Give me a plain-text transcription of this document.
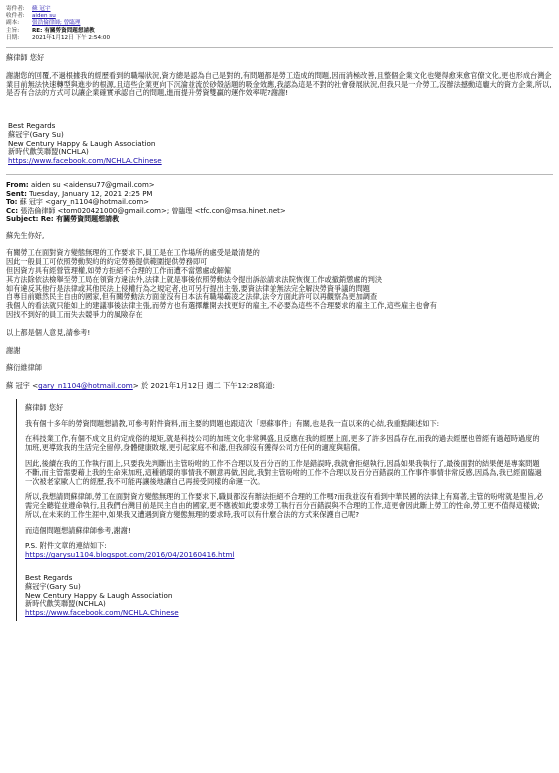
寄件者:	蘇 冠宇
收件者:	aiden su
副本:	張浩倫律師; 曾臨理
主旨:	RE: 有關勞資問題想請教
日期:	2021年1月12日 下午 2:54:00

蘇律師 您好

謝謝您的回覆,不過根據我的經歷看到的職場狀況,資方總是認為自己是對的,有問題都是勞工造成的問題,因而消極改善,且整個企業文化也變得愈來愈官僚文化,更也形成台灣企業目前無法快速轉型與進步的根源,且這些企業更向下沉淪並流於砂殼話題的吸金效應,我認為這是不對的社會發展狀況,但我只是一介勞工,沒辦法撼動這龐大的資方企業,所以,是否有合法的方式可以讓企業確實承認自己的問題,進而提升勞資雙贏的運作效率呢?謝謝!

Best Regards

蘇冠宇(Gary Su)

New Century Happy & Laugh Association

新時代歡笑聯盟(NCHLA)

https://www.facebook.com/NCHLA.Chinese

From: aiden su <aidensu77@gmail.com>

Sent: Tuesday, January 12, 2021 2:25 PM

To: 蘇 冠宇 <gary_n1104@hotmail.com>

Cc: 張浩倫律師 <tom020421000@gmail.com>; 曾臨理 <tfc.con@msa.hinet.net>

Subject: Re: 有關勞資問題想請教

蘇先生你好,

有關勞工在面對資方變態無理的工作要求下,員工是在工作場所的處受是最清楚的

因此一般員工可依照勞動契約的約定勞務提供範圍提供勞務即可

但因資方具有經營管理權,如勞方拒絕不合理的工作而遭不當懲處或解僱

其方法除依法檢舉至勞工局在領資方違法外,法律上就是事後依照勞動法令提出訴訟請求法院恢復工作或撤銷懲處的判決

如有違反其他行是法律或其他民法上侵權行為之規定者,也可另行提出主張,要資法律並無法完全解決勞資爭議的問題

自專目前雖然民主自由的國家,但有關勞動法方面並沒有日本法有職場霸凌之法律,法令方面此許可以再觀察為更加調查

我個人的看法就只能如上的建議事後法律主張,而勞方也有選擇離開去找更好的雇主,不必要為這些不合理要求的雇主工作,這些雇主也會有

因找不到好的員工而失去競爭力的風險存在

以上都是個人意見,請參考!

謝謝

蘇衍維律師

蘇 冠宇 <gary_n1104@hotmail.com> 於 2021年1月12日 週二 下午12:28寫道:

蘇律師 您好

我有個十多年的勞資問題想請教,可參考附件資料,而主要的問題也跟這次「惡蘇事件」有關,也是我一直以來的心結,我重點陳述如下:

在科技業工作,有個不成文且約定成俗的規矩,就是科技公司的加班文化非常興盛,且反應在我的經歷上面,更多了許多因爲存在,而我的過去經歷也曾經有過超時過度的加班,更導致我的生活完全留停,身體健康敗壞,更引起家庭不和諧,但我卻沒有獲得公司方任何的適度與賠償。

因此,後續在我的工作執行面上,只要我先判斷出主管吩咐的工作不合理以及百分百的工作是錯誤時,我就會拒絕執行,因爲如果我執行了,最後面對的結果便是專案問題不斷,而主管需要藉上我的生命來加班,這種循環的事情我不願意再做,因此,我對主管吩咐的工作不合理以及百分百錯誤的工作事件事情非常反感,因爲為,我已經面臨過一次被老家歐人亡的經歷,我不可能再讓後地讓自己再接受同樣的命運一次。

所以,我想請問蘇律師,勞工在面對資方變態無理的工作要求下,職員都沒有辦法拒絕不合理的工作嗎?而我並沒有看到中華民國的法律上有寫著,主管的吩咐就是聖旨,必需完全聽從並遵命執行,且我們台灣目前是民主自由的國家,更不應被如此要求勞工執行百分百錯誤與不合理的工作,這更會因此斷上勞工的性命,勞工更不值得這樣做;所以,在未來的工作生涯中,如果我又遭遇到資方變態無理的要求時,我可以有什麼合法的方式來保護自己呢?

而這個問題想請蘇律師參考,謝謝!

P.S. 附件文章的連結如下:

https://garysu1104.blogspot.com/2016/04/20160416.html

Best Regards

蘇冠宇(Gary Su)

New Century Happy & Laugh Association

新時代歡笑聯盟(NCHLA)

https://www.facebook.com/NCHLA.Chinese
